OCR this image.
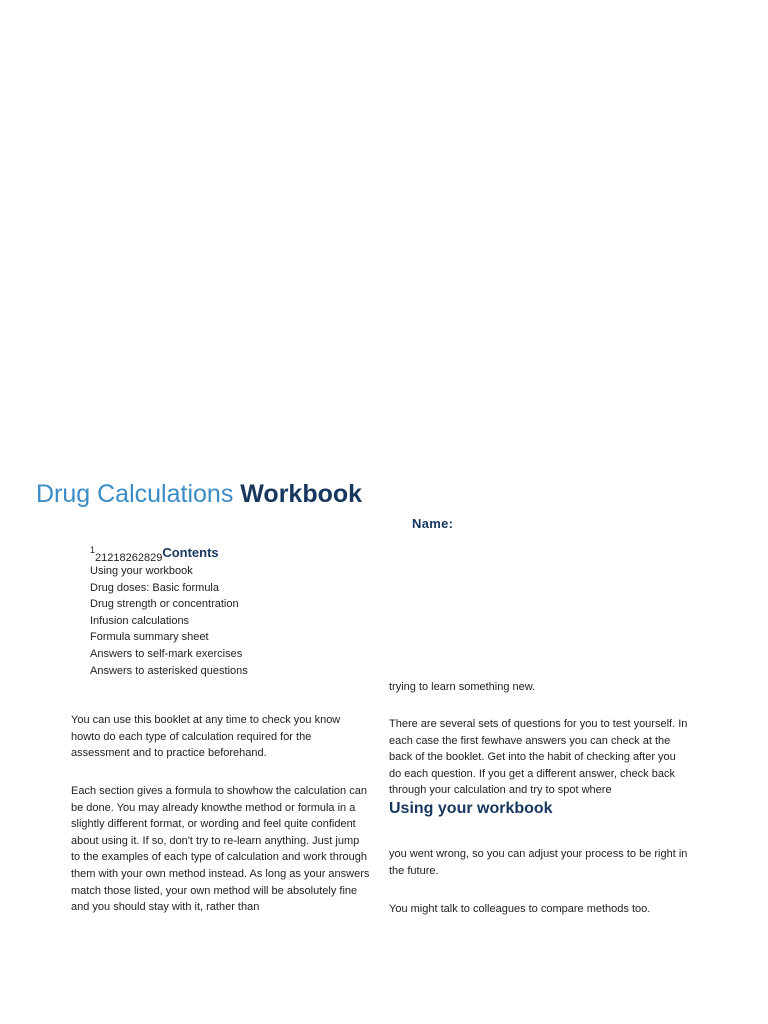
Drug Calculations Workbook
Name:
$^1$21218262829Contents
Using your workbook
Drug doses: Basic formula
Drug strength or concentration
Infusion calculations
Formula summary sheet
Answers to self-mark exercises
Answers to asterisked questions

You can use this booklet at any time to check you know howto do each type of calculation required for the assessment and to practice beforehand.

Each section gives a formula to showhow the calculation can be done. You may already knowthe method or formula in a slightly different format, or wording and feel quite confident about using it. If so, don't try to re-learn anything. Just jump to the examples of each type of calculation and work through them with your own method instead. As long as your answers match those listed, your own method will be absolutely fine and you should stay with it, rather than

trying to learn something new.

There are several sets of questions for you to test yourself. In each case the first fewhave answers you can check at the back of the booklet. Get into the habit of checking after you do each question. If you get a different answer, check back through your calculation and try to spot where

Using your workbook

you went wrong, so you can adjust your process to be right in the future.

You might talk to colleagues to compare methods too.
